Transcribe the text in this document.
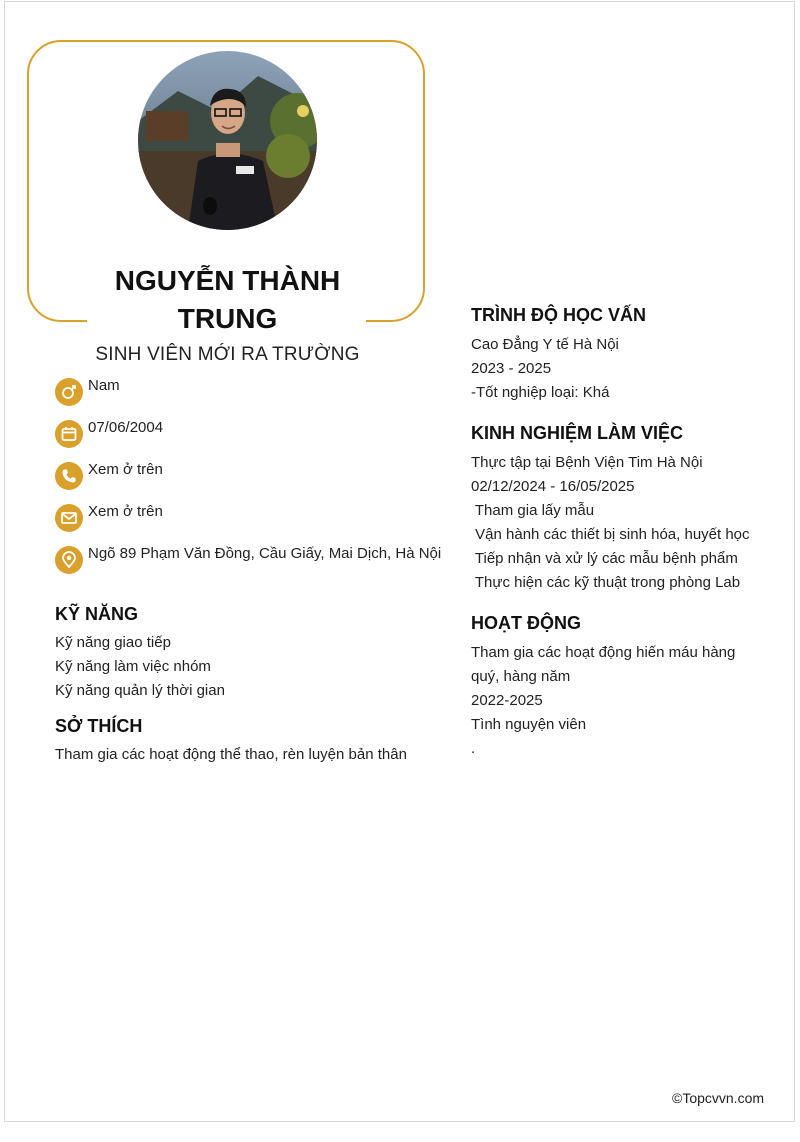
NGUYỄN THÀNH
TRUNG
SINH VIÊN MỚI RA TRƯỜNG
Nam
07/06/2004
Xem ở trên
Xem ở trên
Ngõ 89 Phạm Văn Đồng, Cầu Giấy, Mai Dịch, Hà Nội
KỸ NĂNG
Kỹ năng giao tiếp
Kỹ năng làm việc nhóm
Kỹ năng quản lý thời gian
SỞ THÍCH
Tham gia các hoạt động thể thao, rèn luyện bản thân
TRÌNH ĐỘ HỌC VẤN
Cao Đẳng Y tế Hà Nội
2023 - 2025
-Tốt nghiệp loại: Khá
KINH NGHIỆM LÀM VIỆC
Thực tập tại Bệnh Viện Tim Hà Nội
02/12/2024 - 16/05/2025
Tham gia lấy mẫu
Vận hành các thiết bị sinh hóa, huyết học
Tiếp nhận và xử lý các mẫu bệnh phẩm
Thực hiện các kỹ thuật trong phòng Lab
HOẠT ĐỘNG
Tham gia các hoạt động hiến máu hàng
quý, hàng năm
2022-2025
Tình nguyện viên
.
©Topcvvn.com
